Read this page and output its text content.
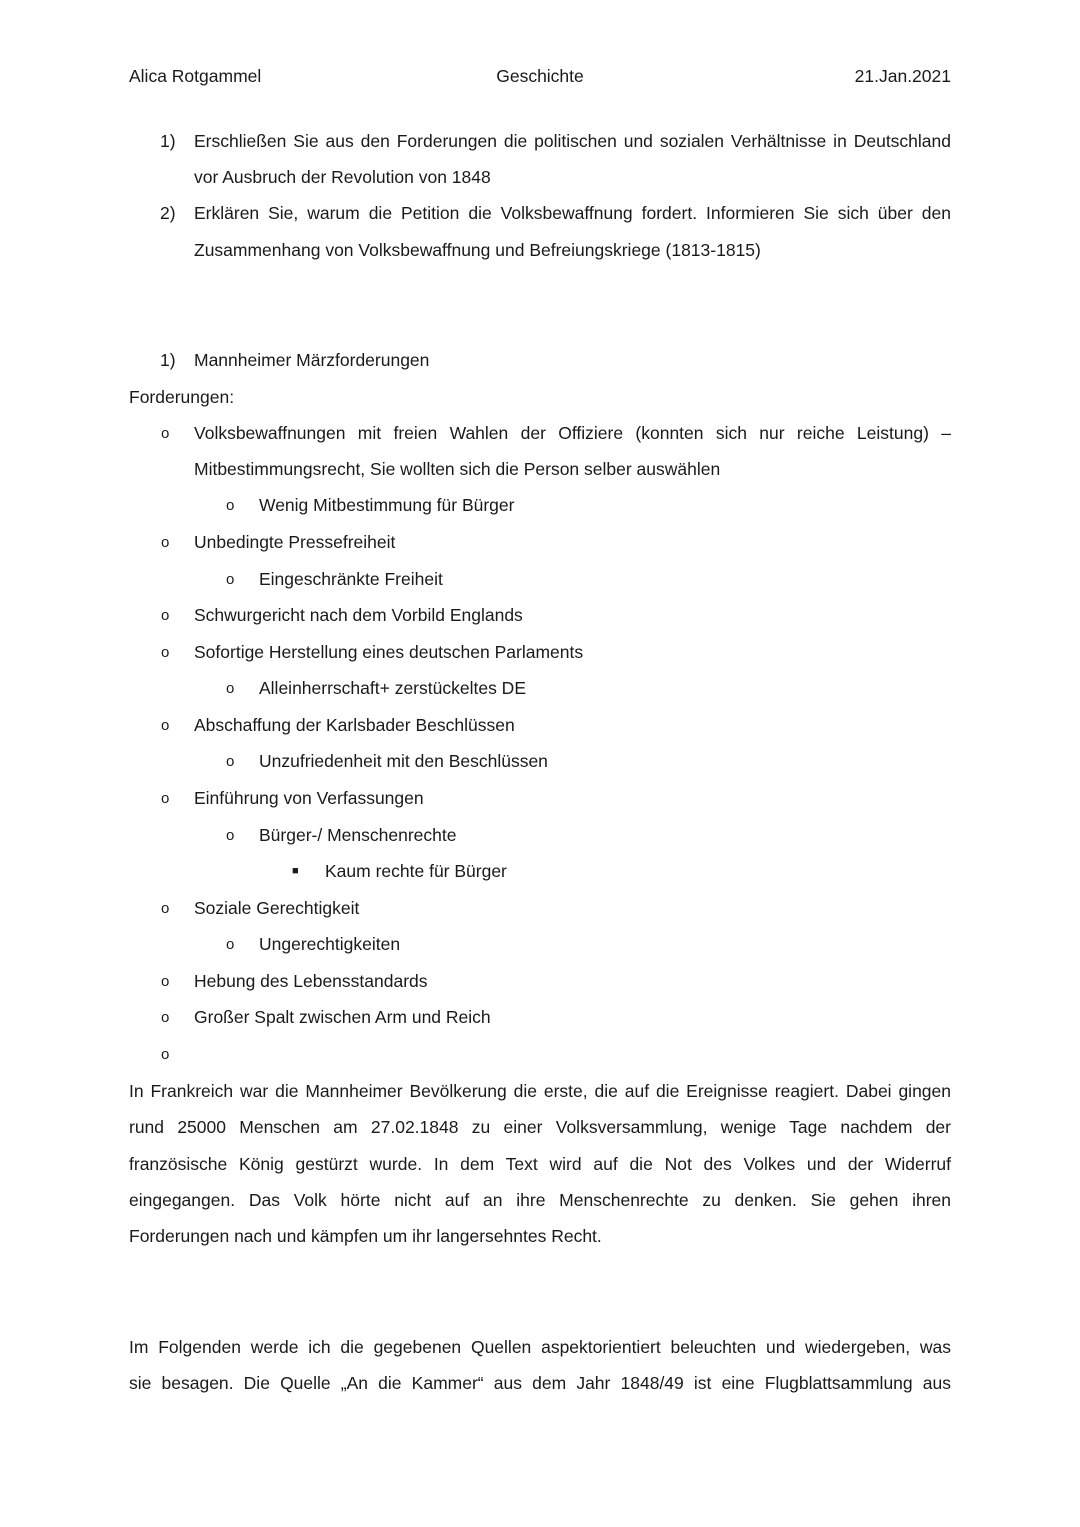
Alica Rotgammel	Geschichte	21.Jan.2021
1) Erschließen Sie aus den Forderungen die politischen und sozialen Verhältnisse in Deutschland
vor Ausbruch der Revolution von 1848
2) Erklären Sie, warum die Petition die Volksbewaffnung fordert. Informieren Sie sich über den
Zusammenhang von Volksbewaffnung und Befreiungskriege (1813-1815)
1) Mannheimer Märzforderungen
Forderungen:
o Volksbewaffnungen mit freien Wahlen der Offiziere (konnten sich nur reiche Leistung) –
Mitbestimmungsrecht, Sie wollten sich die Person selber auswählen
o Wenig Mitbestimmung für Bürger
o Unbedingte Pressefreiheit
o Eingeschränkte Freiheit
o Schwurgericht nach dem Vorbild Englands
o Sofortige Herstellung eines deutschen Parlaments
o Alleinherrschaft+ zerstückeltes DE
o Abschaffung der Karlsbader Beschlüssen
o Unzufriedenheit mit den Beschlüssen
o Einführung von Verfassungen
o Bürger-/ Menschenrechte
■ Kaum rechte für Bürger
o Soziale Gerechtigkeit
o Ungerechtigkeiten
o Hebung des Lebensstandards
o Großer Spalt zwischen Arm und Reich
o
In Frankreich war die Mannheimer Bevölkerung die erste, die auf die Ereignisse reagiert. Dabei gingen
rund 25000 Menschen am 27.02.1848 zu einer Volksversammlung, wenige Tage nachdem der
französische König gestürzt wurde. In dem Text wird auf die Not des Volkes und der Widerruf
eingegangen. Das Volk hörte nicht auf an ihre Menschenrechte zu denken. Sie gehen ihren
Forderungen nach und kämpfen um ihr langersehntes Recht.
Im Folgenden werde ich die gegebenen Quellen aspektorientiert beleuchten und wiedergeben, was
sie besagen. Die Quelle „An die Kammer“ aus dem Jahr 1848/49 ist eine Flugblattsammlung aus
